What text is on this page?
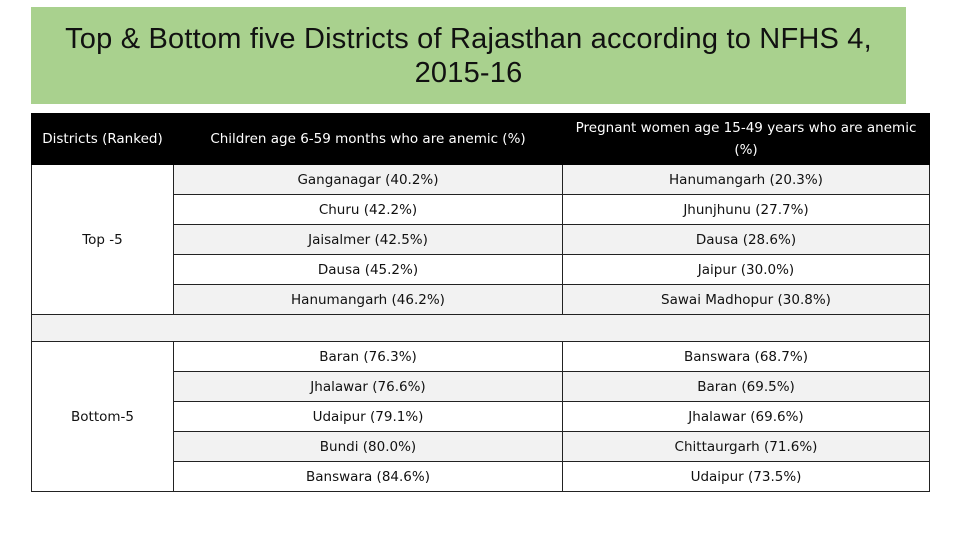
Top & Bottom five Districts of Rajasthan according to NFHS 4, 2015-16
Districts (Ranked)	Children age 6-59 months who are anemic (%)	Pregnant women age 15-49 years who are anemic (%)
Top -5	Ganganagar (40.2%)	Hanumangarh (20.3%)
	Churu (42.2%)	Jhunjhunu (27.7%)
	Jaisalmer (42.5%)	Dausa (28.6%)
	Dausa (45.2%)	Jaipur (30.0%)
	Hanumangarh (46.2%)	Sawai Madhopur (30.8%)

Bottom-5	Baran (76.3%)	Banswara (68.7%)
	Jhalawar (76.6%)	Baran (69.5%)
	Udaipur (79.1%)	Jhalawar (69.6%)
	Bundi (80.0%)	Chittaurgarh (71.6%)
	Banswara (84.6%)	Udaipur (73.5%)
